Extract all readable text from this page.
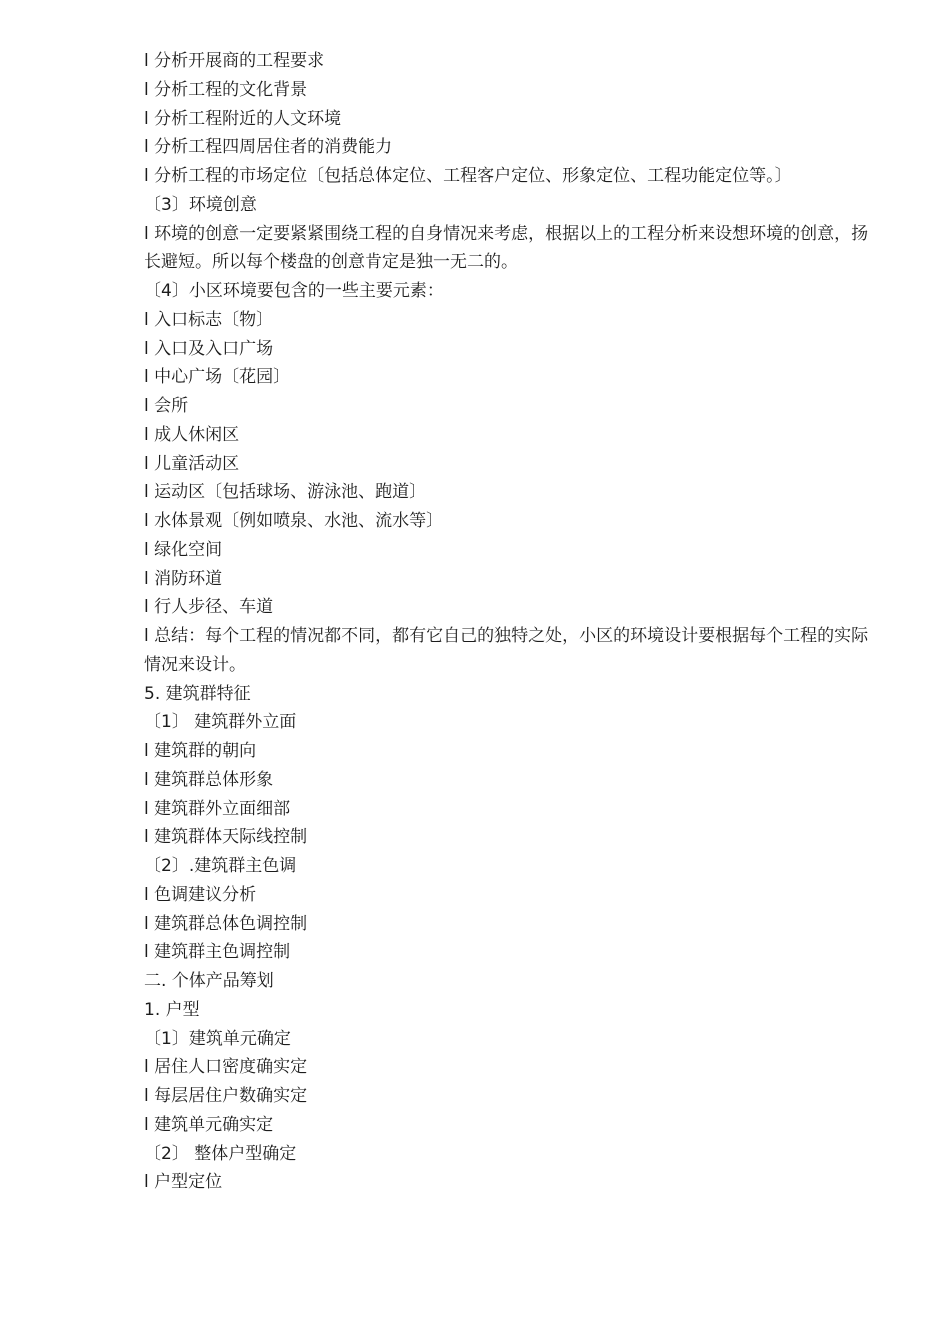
l 分析开展商的工程要求

l 分析工程的文化背景

l 分析工程附近的人文环境

l 分析工程四周居住者的消费能力

l 分析工程的市场定位〔包括总体定位、工程客户定位、形象定位、工程功能定位等。〕

〔3〕环境创意

l 环境的创意一定要紧紧围绕工程的自身情况来考虑，根据以上的工程分析来设想环境的创意，扬长避短。所以每个楼盘的创意肯定是独一无二的。

〔4〕小区环境要包含的一些主要元素：

l 入口标志〔物〕

l 入口及入口广场

l 中心广场〔花园〕

l 会所

l 成人休闲区

l 儿童活动区

l 运动区〔包括球场、游泳池、跑道〕

l 水体景观〔例如喷泉、水池、流水等〕

l 绿化空间

l 消防环道

l 行人步径、车道

l 总结：每个工程的情况都不同，都有它自己的独特之处，小区的环境设计要根据每个工程的实际情况来设计。

5. 建筑群特征

〔1〕 建筑群外立面

l 建筑群的朝向

l 建筑群总体形象

l 建筑群外立面细部

l 建筑群体天际线控制

〔2〕.建筑群主色调

l 色调建议分析

l 建筑群总体色调控制

l 建筑群主色调控制

二. 个体产品筹划

1. 户型

〔1〕建筑单元确定

l 居住人口密度确实定

l 每层居住户数确实定

l 建筑单元确实定

〔2〕 整体户型确定

l 户型定位
